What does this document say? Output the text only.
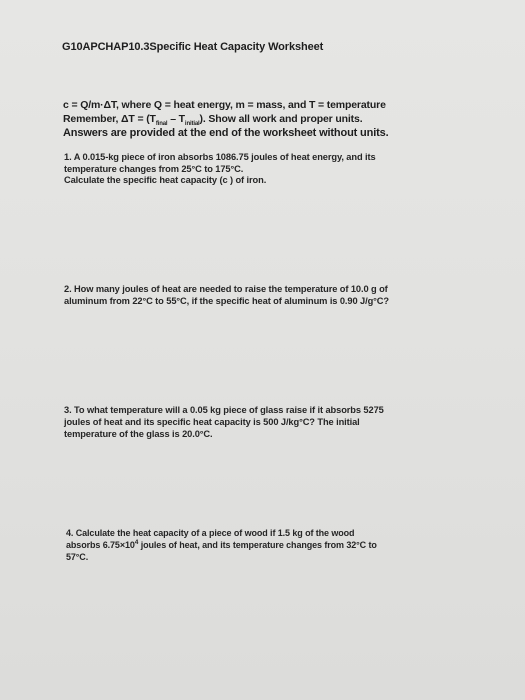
G10APCHAP10.3Specific Heat Capacity Worksheet
c = Q/m·ΔT, where Q = heat energy, m = mass, and T = temperature
Remember, $\Delta T = (T_{final} - T_{initial})$. Show all work and proper units.
Answers are provided at the end of the worksheet without units.
1. A 0.015-kg piece of iron absorbs 1086.75 joules of heat energy, and its
temperature changes from 25°C to 175°C.
Calculate the specific heat capacity (c ) of iron.
2. How many joules of heat are needed to raise the temperature of 10.0 g of
aluminum from 22°C to 55°C, if the specific heat of aluminum is 0.90 J/g°C?
3. To what temperature will a 0.05 kg piece of glass raise if it absorbs 5275
joules of heat and its specific heat capacity is 500 J/kg°C? The initial
temperature of the glass is 20.0°C.
4. Calculate the heat capacity of a piece of wood if 1.5 kg of the wood
absorbs $6.75\times 10^4$ joules of heat, and its temperature changes from 32°C to
57°C.
